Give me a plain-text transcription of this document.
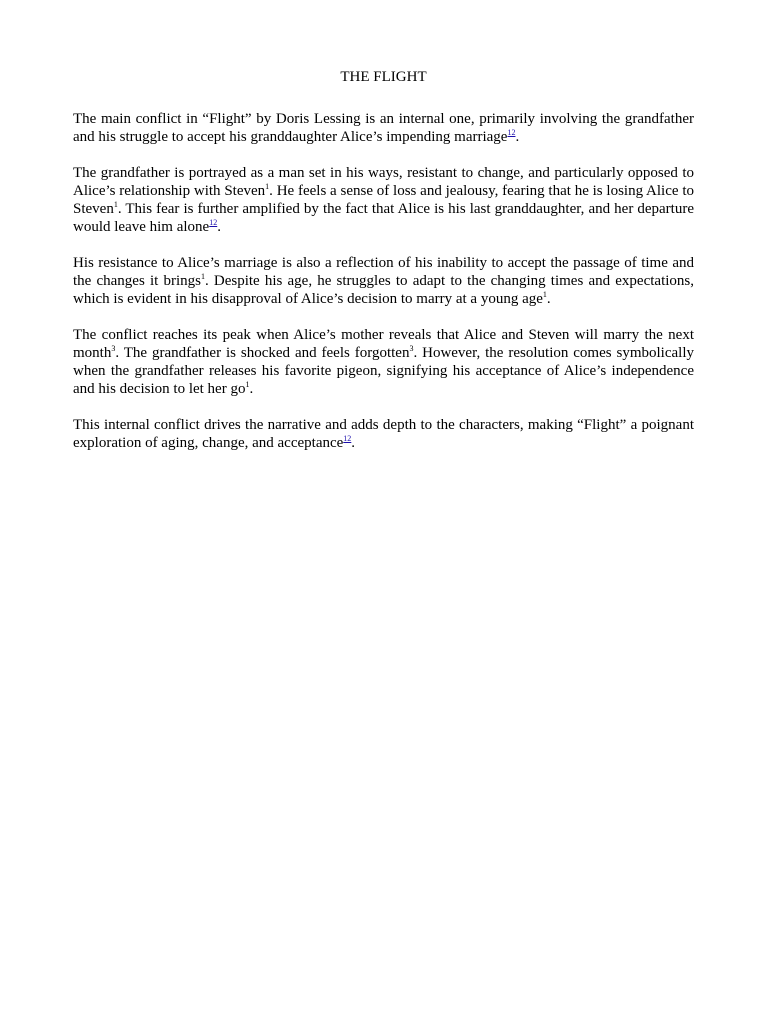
THE FLIGHT

The main conflict in “Flight” by Doris Lessing is an internal one, primarily involving the grandfather and his struggle to accept his granddaughter Alice’s impending marriage$^{12}$.

The grandfather is portrayed as a man set in his ways, resistant to change, and particularly opposed to Alice’s relationship with Steven$^1$. He feels a sense of loss and jealousy, fearing that he is losing Alice to Steven$^1$. This fear is further amplified by the fact that Alice is his last granddaughter, and her departure would leave him alone$^{12}$.

His resistance to Alice’s marriage is also a reflection of his inability to accept the passage of time and the changes it brings$^1$. Despite his age, he struggles to adapt to the changing times and expectations, which is evident in his disapproval of Alice’s decision to marry at a young age$^1$.

The conflict reaches its peak when Alice’s mother reveals that Alice and Steven will marry the next month$^3$. The grandfather is shocked and feels forgotten$^3$. However, the resolution comes symbolically when the grandfather releases his favorite pigeon, signifying his acceptance of Alice’s independence and his decision to let her $go^1$.

This internal conflict drives the narrative and adds depth to the characters, making “Flight” a poignant exploration of aging, change, and acceptance$^{12}$.
